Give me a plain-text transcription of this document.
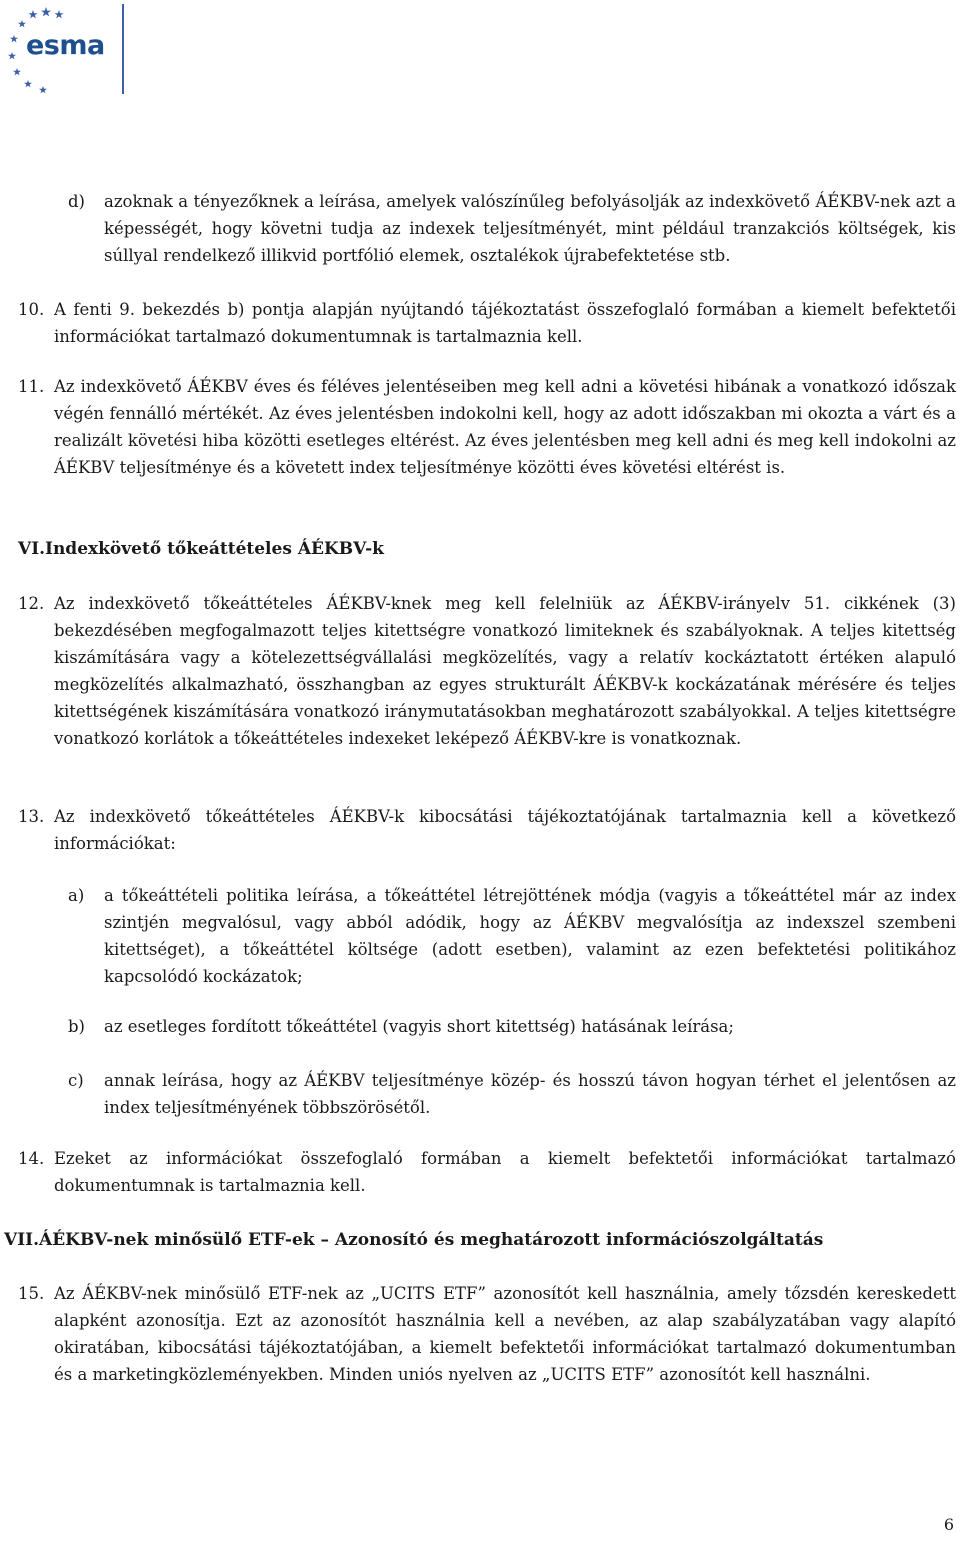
esma
d) azoknak a tényezőknek a leírása, amelyek valószínűleg befolyásolják az indexkövető ÁÉKBV-nek azt a képességét, hogy követni tudja az indexek teljesítményét, mint például tranzakciós költségek, kis súllyal rendelkező illikvid portfólió elemek, osztalékok újrabefektetése stb.
10. A fenti 9. bekezdés b) pontja alapján nyújtandó tájékoztatást összefoglaló formában a kiemelt befektetői információkat tartalmazó dokumentumnak is tartalmaznia kell.
11. Az indexkövető ÁÉKBV éves és féléves jelentéseiben meg kell adni a követési hibának a vonatkozó időszak végén fennálló mértékét. Az éves jelentésben indokolni kell, hogy az adott időszakban mi okozta a várt és a realizált követési hiba közötti esetleges eltérést. Az éves jelentésben meg kell adni és meg kell indokolni az ÁÉKBV teljesítménye és a követett index teljesítménye közötti éves követési eltérést is.
VI. Indexkövető tőkeáttételes ÁÉKBV-k
12. Az indexkövető tőkeáttételes ÁÉKBV-knek meg kell felelniük az ÁÉKBV-irányelv 51. cikkének (3) bekezdésében megfogalmazott teljes kitettségre vonatkozó limiteknek és szabályoknak. A teljes kitettség kiszámítására vagy a kötelezettségvállalási megközelítés, vagy a relatív kockáztatott értéken alapuló megközelítés alkalmazható, összhangban az egyes strukturált ÁÉKBV-k kockázatának mérésére és teljes kitettségének kiszámítására vonatkozó iránymutatásokban meghatározott szabályokkal. A teljes kitettségre vonatkozó korlátok a tőkeáttételes indexeket leképező ÁÉKBV-kre is vonatkoznak.
13. Az indexkövető tőkeáttételes ÁÉKBV-k kibocsátási tájékoztatójának tartalmaznia kell a következő információkat:
a) a tőkeáttételi politika leírása, a tőkeáttétel létrejöttének módja (vagyis a tőkeáttétel már az index szintjén megvalósul, vagy abból adódik, hogy az ÁÉKBV megvalósítja az indexszel szembeni kitettséget), a tőkeáttétel költsége (adott esetben), valamint az ezen befektetési politikához kapcsolódó kockázatok;
b) az esetleges fordított tőkeáttétel (vagyis short kitettség) hatásának leírása;
c) annak leírása, hogy az ÁÉKBV teljesítménye közép- és hosszú távon hogyan térhet el jelentősen az index teljesítményének többszörösétől.
14. Ezeket az információkat összefoglaló formában a kiemelt befektetői információkat tartalmazó dokumentumnak is tartalmaznia kell.
VII.ÁÉKBV-nek minősülő ETF-ek – Azonosító és meghatározott információszolgáltatás
15. Az ÁÉKBV-nek minősülő ETF-nek az „UCITS ETF” azonosítót kell használnia, amely tőzsdén kereskedett alapként azonosítja. Ezt az azonosítót használnia kell a nevében, az alap szabályzatában vagy alapító okiratában, kibocsátási tájékoztatójában, a kiemelt befektetői információkat tartalmazó dokumentumban és a marketingközleményekben. Minden uniós nyelven az „UCITS ETF” azonosítót kell használni.
6
